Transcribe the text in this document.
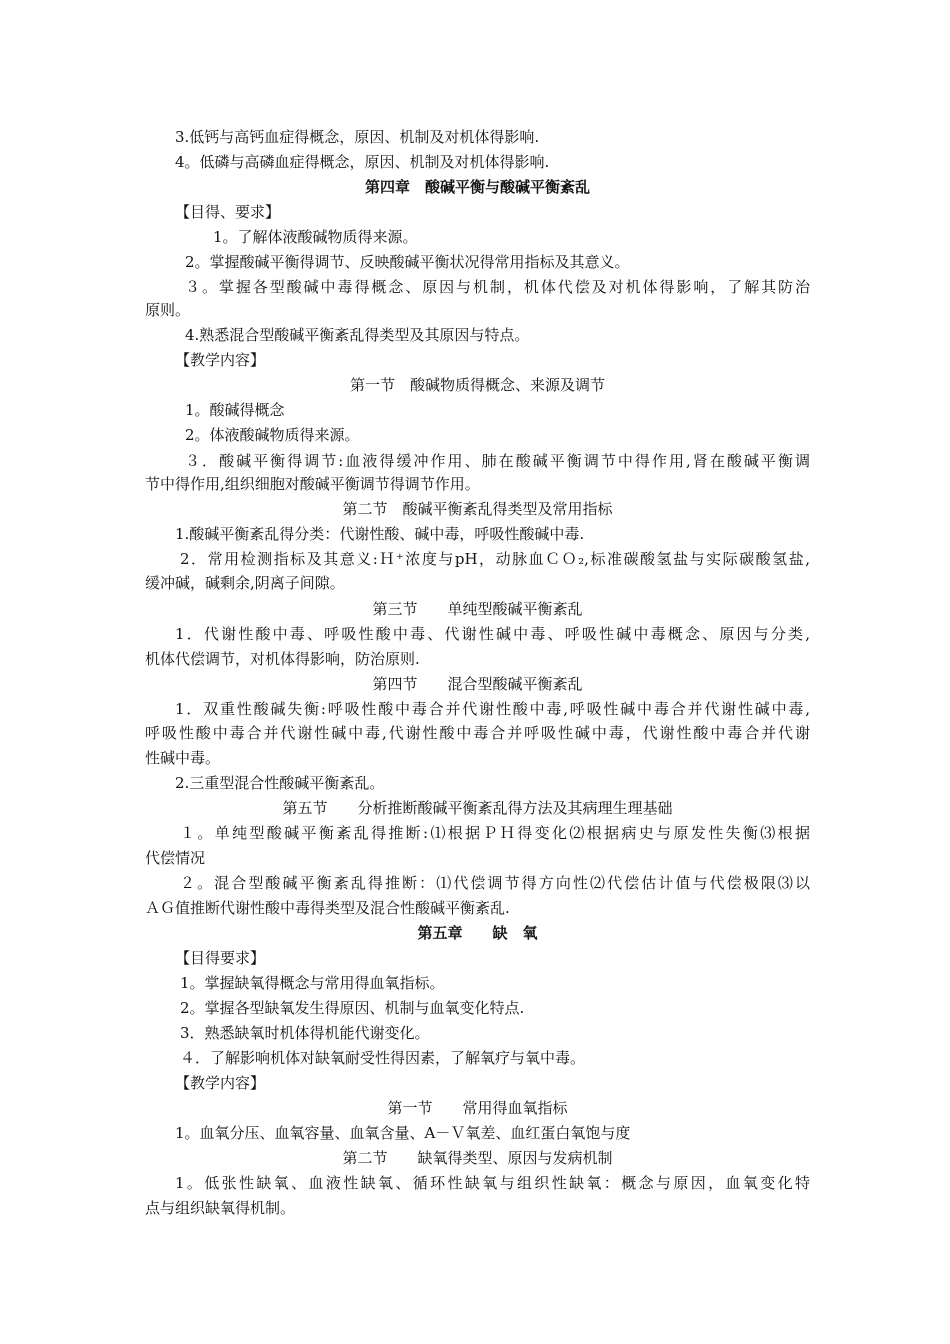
3.低钙与高钙血症得概念，原因、机制及对机体得影响.
4。低磷与高磷血症得概念，原因、机制及对机体得影响.
第四章　酸碱平衡与酸碱平衡紊乱
【目得、要求】
1。了解体液酸碱物质得来源。
2。掌握酸碱平衡得调节、反映酸碱平衡状况得常用指标及其意义。
３。掌握各型酸碱中毒得概念、原因与机制，机体代偿及对机体得影响，了解其防治
原则。
4.熟悉混合型酸碱平衡紊乱得类型及其原因与特点。
【教学内容】
第一节　酸碱物质得概念、来源及调节
1。酸碱得概念
2。体液酸碱物质得来源。
３．酸碱平衡得调节:血液得缓冲作用、肺在酸碱平衡调节中得作用,肾在酸碱平衡调
节中得作用,组织细胞对酸碱平衡调节得调节作用。
第二节　酸碱平衡紊乱得类型及常用指标
1.酸碱平衡紊乱得分类：代谢性酸、碱中毒，呼吸性酸碱中毒.
2．常用检测指标及其意义:Ｈ⁺浓度与pH，动脉血ＣＯ₂,标准碳酸氢盐与实际碳酸氢盐,
缓冲碱，碱剩余,阴离子间隙。
第三节　　单纯型酸碱平衡紊乱
1．代谢性酸中毒、呼吸性酸中毒、代谢性碱中毒、呼吸性碱中毒概念、原因与分类,
机体代偿调节，对机体得影响，防治原则.
第四节　　混合型酸碱平衡紊乱
1．双重性酸碱失衡:呼吸性酸中毒合并代谢性酸中毒,呼吸性碱中毒合并代谢性碱中毒,
呼吸性酸中毒合并代谢性碱中毒,代谢性酸中毒合并呼吸性碱中毒，代谢性酸中毒合并代谢
性碱中毒。
2.三重型混合性酸碱平衡紊乱。
第五节　　分析推断酸碱平衡紊乱得方法及其病理生理基础
１。单纯型酸碱平衡紊乱得推断:⑴根据ＰＨ得变化⑵根据病史与原发性失衡⑶根据
代偿情况
２。混合型酸碱平衡紊乱得推断：⑴代偿调节得方向性⑵代偿估计值与代偿极限⑶以
ＡＧ值推断代谢性酸中毒得类型及混合性酸碱平衡紊乱.
第五章　　缺　氧
【目得要求】
1。掌握缺氧得概念与常用得血氧指标。
2。掌握各型缺氧发生得原因、机制与血氧变化特点.
3．熟悉缺氧时机体得机能代谢变化。
４．了解影响机体对缺氧耐受性得因素，了解氧疗与氧中毒。
【教学内容】
第一节　　常用得血氧指标
1。血氧分压、血氧容量、血氧含量、A－Ｖ氧差、血红蛋白氧饱与度
第二节　　缺氧得类型、原因与发病机制
1。低张性缺氧、血液性缺氧、循环性缺氧与组织性缺氧：概念与原因，血氧变化特
点与组织缺氧得机制。
